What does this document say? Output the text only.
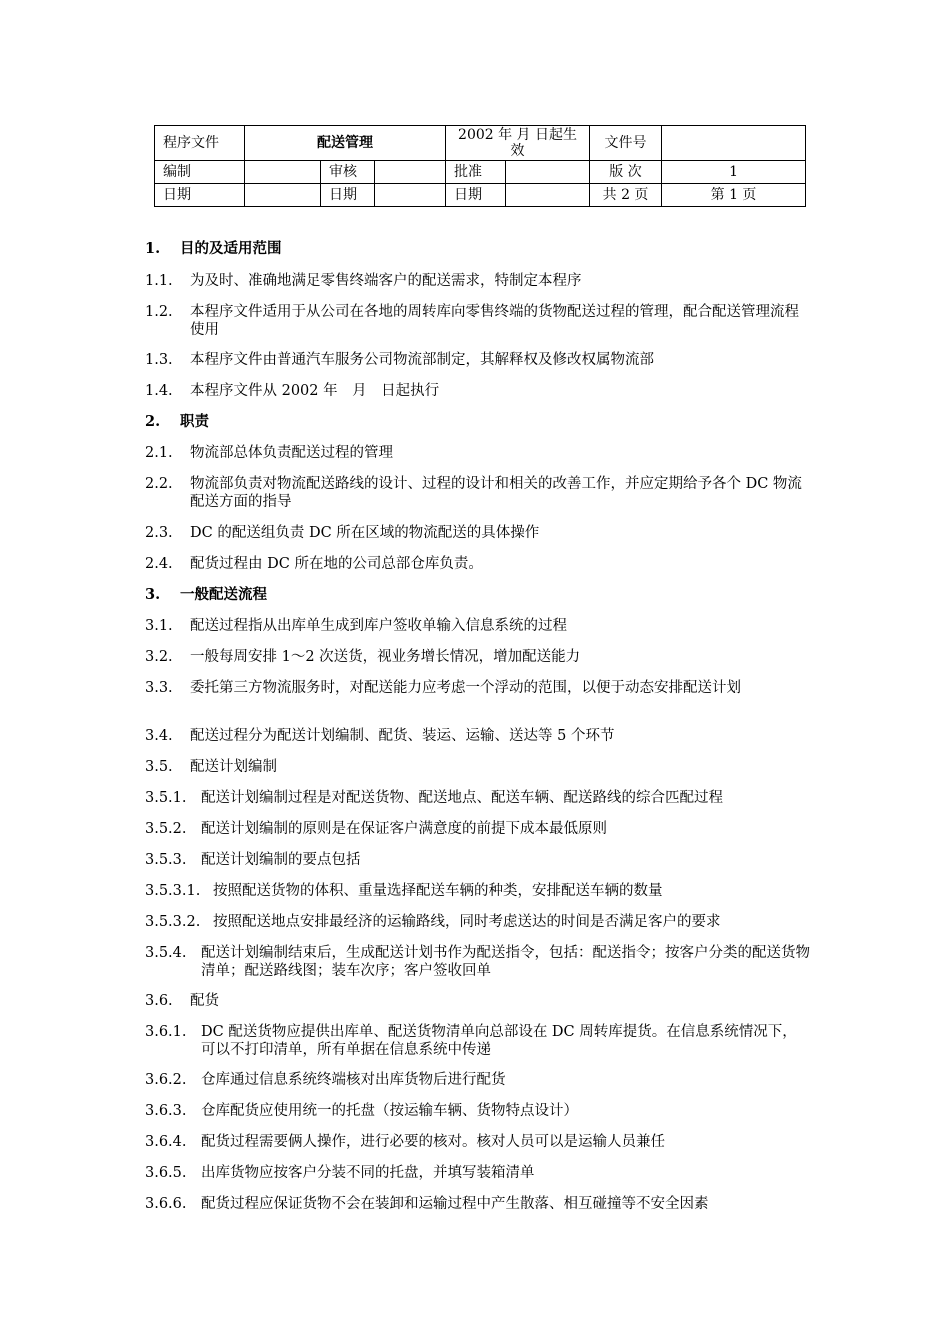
程序文件	配送管理			2002 年 月 日起生效		文件号	
编制		审核		批准		版 次	1
日期		日期		日期		共 2 页	第 1 页
1. 目的及适用范围
1.1. 为及时、准确地满足零售终端客户的配送需求，特制定本程序
1.2. 本程序文件适用于从公司在各地的周转库向零售终端的货物配送过程的管理，配合配送管理流程使用
1.3. 本程序文件由普通汽车服务公司物流部制定，其解释权及修改权属物流部
1.4. 本程序文件从 2002 年　月　日起执行
2. 职责
2.1. 物流部总体负责配送过程的管理
2.2. 物流部负责对物流配送路线的设计、过程的设计和相关的改善工作，并应定期给予各个 DC 物流配送方面的指导
2.3. DC 的配送组负责 DC 所在区域的物流配送的具体操作
2.4. 配货过程由 DC 所在地的公司总部仓库负责。
3. 一般配送流程
3.1. 配送过程指从出库单生成到库户签收单输入信息系统的过程
3.2. 一般每周安排 1～2 次送货，视业务增长情况，增加配送能力
3.3. 委托第三方物流服务时，对配送能力应考虑一个浮动的范围，以便于动态安排配送计划
3.4. 配送过程分为配送计划编制、配货、装运、运输、送达等 5 个环节
3.5. 配送计划编制
3.5.1. 配送计划编制过程是对配送货物、配送地点、配送车辆、配送路线的综合匹配过程
3.5.2. 配送计划编制的原则是在保证客户满意度的前提下成本最低原则
3.5.3. 配送计划编制的要点包括
3.5.3.1. 按照配送货物的体积、重量选择配送车辆的种类，安排配送车辆的数量
3.5.3.2. 按照配送地点安排最经济的运输路线，同时考虑送达的时间是否满足客户的要求
3.5.4. 配送计划编制结束后，生成配送计划书作为配送指令，包括：配送指令；按客户分类的配送货物清单；配送路线图；装车次序；客户签收回单
3.6. 配货
3.6.1. DC 配送货物应提供出库单、配送货物清单向总部设在 DC 周转库提货。在信息系统情况下，可以不打印清单，所有单据在信息系统中传递
3.6.2. 仓库通过信息系统终端核对出库货物后进行配货
3.6.3. 仓库配货应使用统一的托盘（按运输车辆、货物特点设计）
3.6.4. 配货过程需要俩人操作，进行必要的核对。核对人员可以是运输人员兼任
3.6.5. 出库货物应按客户分装不同的托盘，并填写装箱清单
3.6.6. 配货过程应保证货物不会在装卸和运输过程中产生散落、相互碰撞等不安全因素
